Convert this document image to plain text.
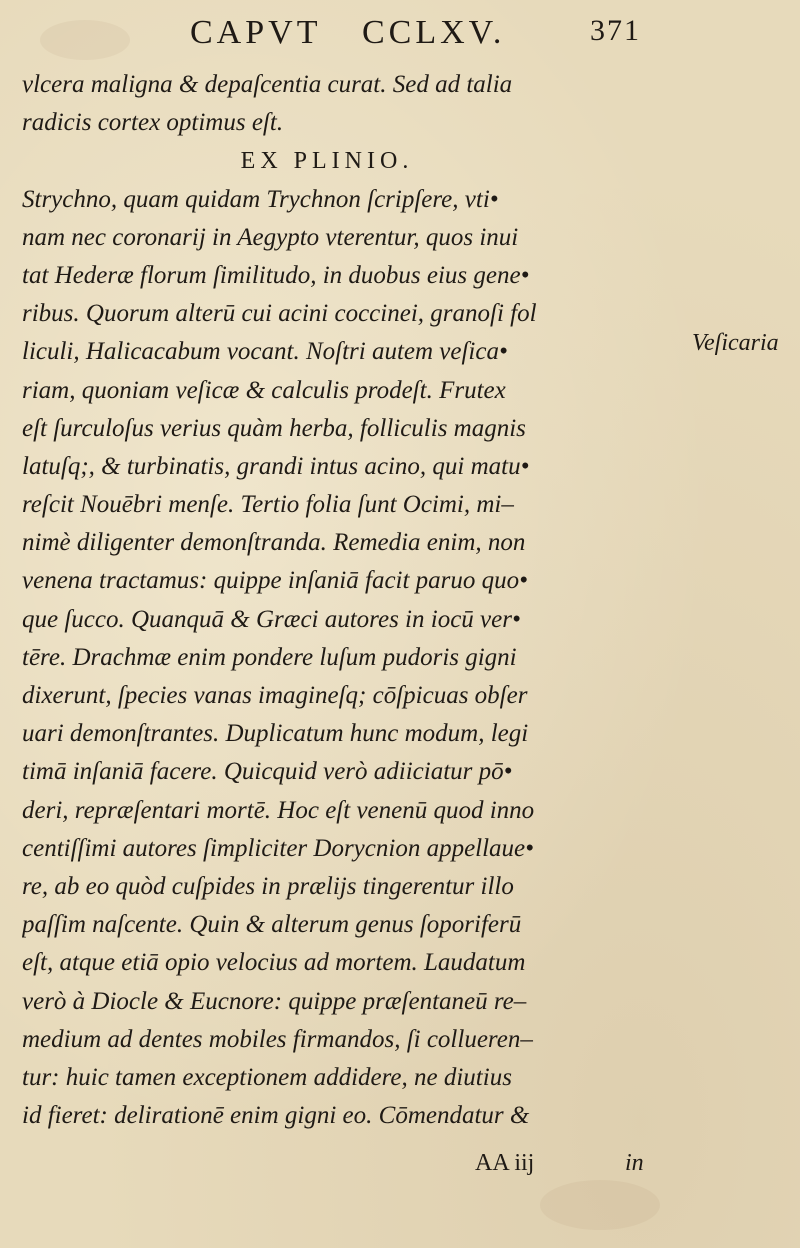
CAPVT CCLXV.	371
vlcera maligna & depaſcentia curat. Sed ad talia
radicis cortex optimus eſt.
EX PLINIO.
Strychno, quam quidam Trychnon ſcripſere, vti•
nam nec coronarij in Aegypto vterentur, quos inui
tat Hederæ florum ſimilitudo, in duobus eius gene•
ribus. Quorum alterū cui acini coccinei, granoſi fol
liculi, Halicacabum vocant. Noſtri autem veſica•
riam, quoniam veſicæ & calculis prodeſt. Frutex
eſt ſurculoſus verius quàm herba, folliculis magnis
latuſq;, & turbinatis, grandi intus acino, qui matu•
reſcit Nouēbri menſe. Tertio folia ſunt Ocimi, mi–
nimè diligenter demonſtranda. Remedia enim, non
venena tractamus: quippe inſaniā facit paruo quo•
que ſucco. Quanquā & Græci autores in iocū ver•
tēre. Drachmæ enim pondere luſum pudoris gigni
dixerunt, ſpecies vanas imagineſq; cōſpicuas obſer
uari demonſtrantes. Duplicatum hunc modum, legi
timā inſaniā facere. Quicquid verò adiiciatur pō•
deri, repræſentari mortē. Hoc eſt venenū quod inno
centiſſimi autores ſimpliciter Dorycnion appellaue•
re, ab eo quòd cuſpides in prælijs tingerentur illo
paſſim naſcente. Quin & alterum genus ſoporiferū
eſt, atque etiā opio velocius ad mortem. Laudatum
verò à Diocle & Eucnore: quippe præſentaneū re–
medium ad dentes mobiles firmandos, ſi collueren–
tur: huic tamen exceptionem addidere, ne diutius
id fieret: delirationē enim gigni eo. Cōmendatur &
Veſicaria
AA iij	in
